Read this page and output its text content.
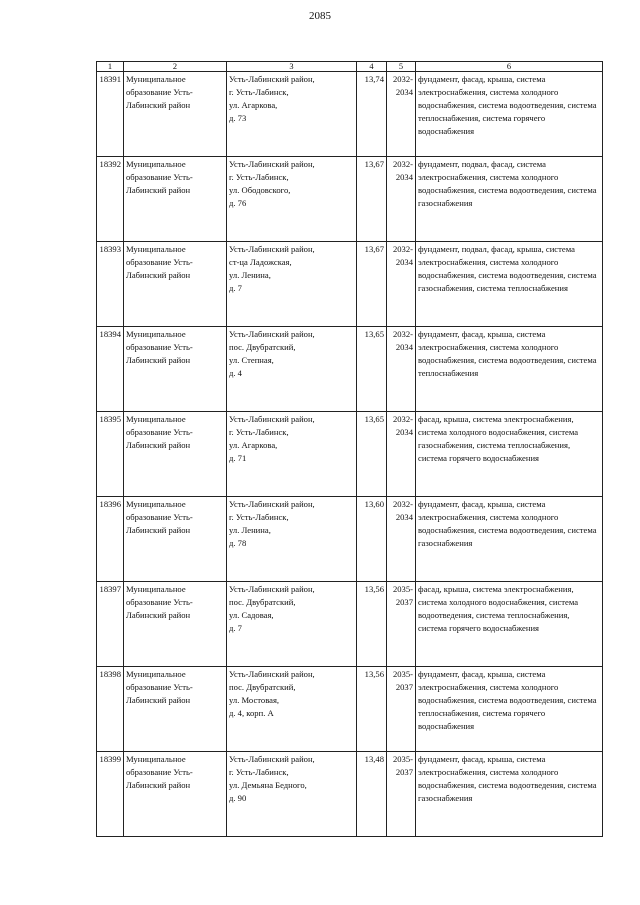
2085
1	2	3	4	5	6
18391	Муниципальное образование Усть-Лабинский район	Усть-Лабинский район,
г. Усть-Лабинск,
ул. Агаркова,
д. 73	13,74	2032-
2034	фундамент, фасад, крыша, система электроснабжения, система холодного водоснабжения, система водоотведения, система теплоснабжения, система горячего водоснабжения
18392	Муниципальное образование Усть-Лабинский район	Усть-Лабинский район,
г. Усть-Лабинск,
ул. Ободовского,
д. 76	13,67	2032-
2034	фундамент, подвал, фасад, система электроснабжения, система холодного водоснабжения, система водоотведения, система газоснабжения
18393	Муниципальное образование Усть-Лабинский район	Усть-Лабинский район,
ст-ца Ладожская,
ул. Ленина,
д. 7	13,67	2032-
2034	фундамент, подвал, фасад, крыша, система электроснабжения, система холодного водоснабжения, система водоотведения, система газоснабжения, система теплоснабжения
18394	Муниципальное образование Усть-Лабинский район	Усть-Лабинский район,
пос. Двубратский,
ул. Степная,
д. 4	13,65	2032-
2034	фундамент, фасад, крыша, система электроснабжения, система холодного водоснабжения, система водоотведения, система теплоснабжения
18395	Муниципальное образование Усть-Лабинский район	Усть-Лабинский район,
г. Усть-Лабинск,
ул. Агаркова,
д. 71	13,65	2032-
2034	фасад, крыша, система электроснабжения, система холодного водоснабжения, система газоснабжения, система теплоснабжения, система горячего водоснабжения
18396	Муниципальное образование Усть-Лабинский район	Усть-Лабинский район,
г. Усть-Лабинск,
ул. Ленина,
д. 78	13,60	2032-
2034	фундамент, фасад, крыша, система электроснабжения, система холодного водоснабжения, система водоотведения, система газоснабжения
18397	Муниципальное образование Усть-Лабинский район	Усть-Лабинский район,
пос. Двубратский,
ул. Садовая,
д. 7	13,56	2035-
2037	фасад, крыша, система электроснабжения, система холодного водоснабжения, система водоотведения, система теплоснабжения, система горячего водоснабжения
18398	Муниципальное образование Усть-Лабинский район	Усть-Лабинский район,
пос. Двубратский,
ул. Мостовая,
д. 4, корп. А	13,56	2035-
2037	фундамент, фасад, крыша, система электроснабжения, система холодного водоснабжения, система водоотведения, система теплоснабжения, система горячего водоснабжения
18399	Муниципальное образование Усть-Лабинский район	Усть-Лабинский район,
г. Усть-Лабинск,
ул. Демьяна Бедного,
д. 90	13,48	2035-
2037	фундамент, фасад, крыша, система электроснабжения, система холодного водоснабжения, система водоотведения, система газоснабжения
